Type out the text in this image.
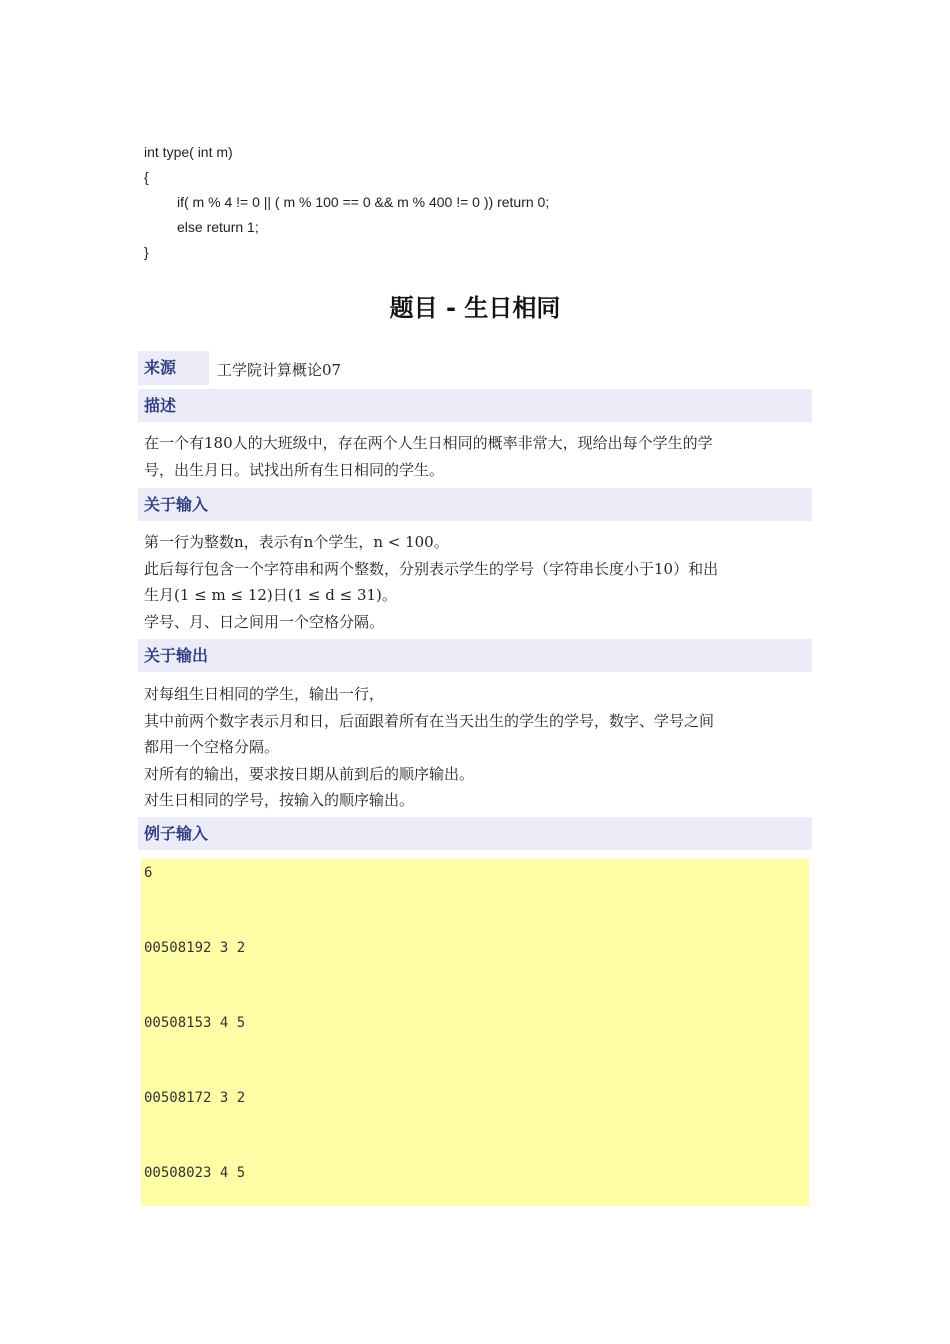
int type( int m)
{
if( m % 4 != 0 || ( m % 100 == 0 && m % 400 != 0 )) return 0;
else return 1;
}
题目 - 生日相同
来源	工学院计算概论07
描述
在一个有180人的大班级中，存在两个人生日相同的概率非常大，现给出每个学生的学
号，出生月日。试找出所有生日相同的学生。
关于输入
第一行为整数n，表示有n个学生，n < 100。
此后每行包含一个字符串和两个整数，分别表示学生的学号（字符串长度小于10）和出
生月(1 ≤ m ≤ 12)日(1 ≤ d ≤ 31)。
学号、月、日之间用一个空格分隔。
关于输出
对每组生日相同的学生，输出一行，
其中前两个数字表示月和日，后面跟着所有在当天出生的学生的学号，数字、学号之间
都用一个空格分隔。
对所有的输出，要求按日期从前到后的顺序输出。
对生日相同的学号，按输入的顺序输出。
例子输入
6
00508192 3 2
00508153 4 5
00508172 3 2
00508023 4 5
